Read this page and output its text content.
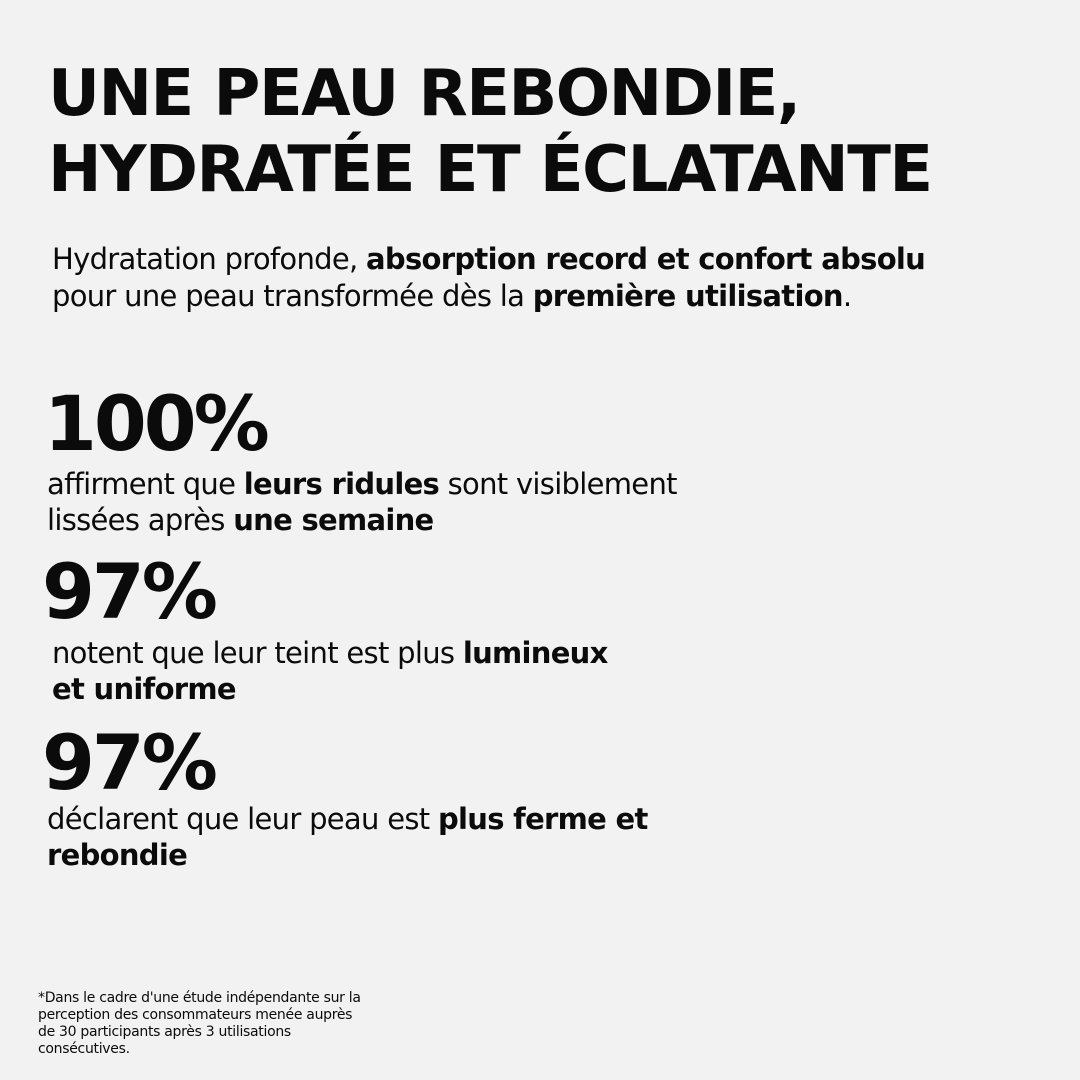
UNE PEAU REBONDIE,
HYDRATÉE ET ÉCLATANTE

Hydratation profonde, absorption record et confort absolu
pour une peau transformée dès la première utilisation.

100%

affirment que leurs ridules sont visiblement
lissées après une semaine

97%

notent que leur teint est plus lumineux
et uniforme

97%

déclarent que leur peau est plus ferme et
rebondie

*Dans le cadre d'une étude indépendante sur la
perception des consommateurs menée auprès
de 30 participants après 3 utilisations
consécutives.
